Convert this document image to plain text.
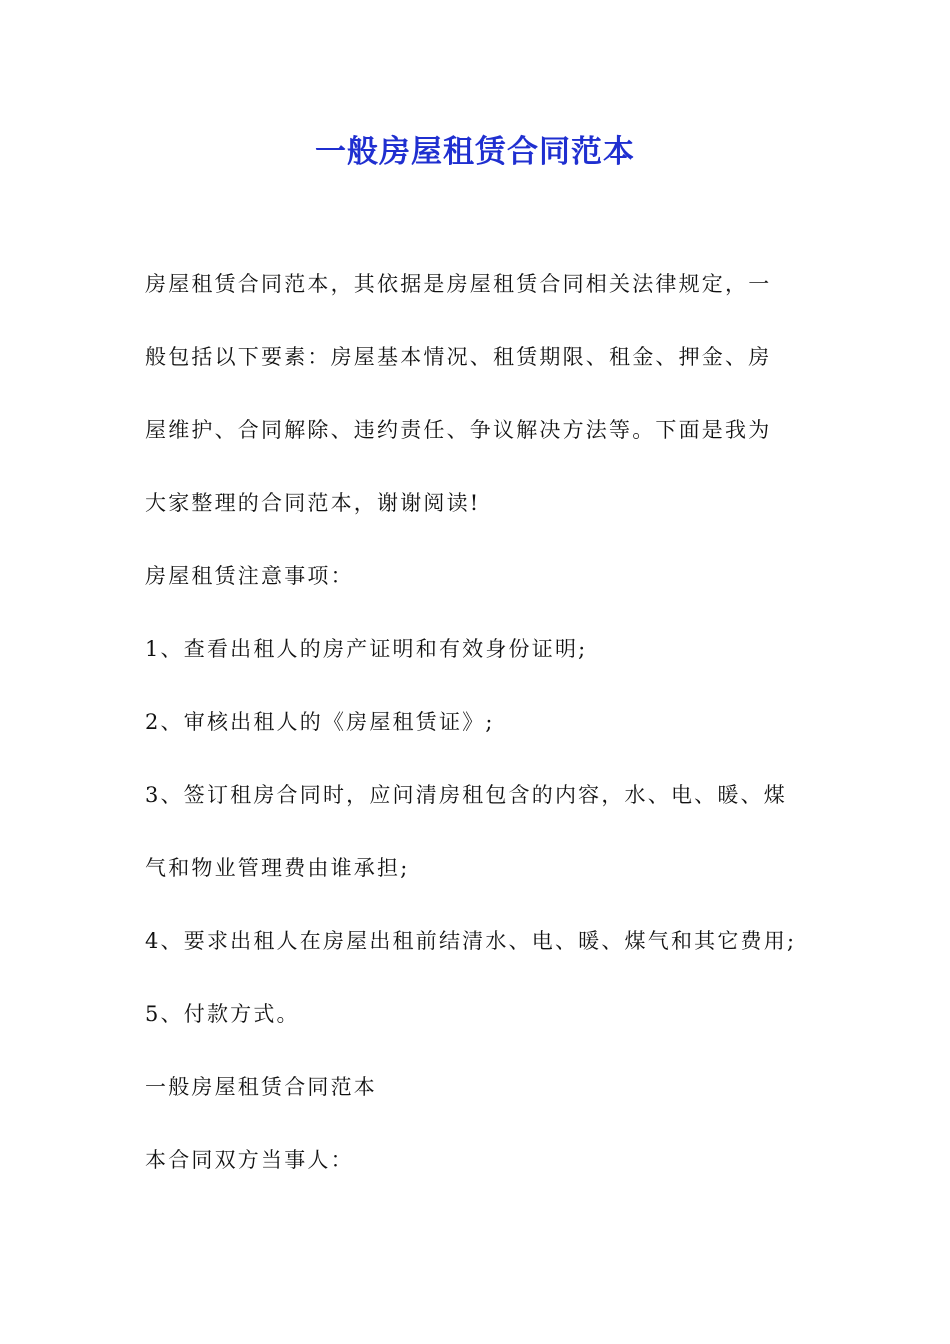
一般房屋租赁合同范本
房屋租赁合同范本，其依据是房屋租赁合同相关法律规定，一
般包括以下要素：房屋基本情况、租赁期限、租金、押金、房
屋维护、合同解除、违约责任、争议解决方法等。下面是我为
大家整理的合同范本，谢谢阅读!
房屋租赁注意事项：
1、查看出租人的房产证明和有效身份证明;
2、审核出租人的《房屋租赁证》;
3、签订租房合同时，应问清房租包含的内容，水、电、暖、煤
气和物业管理费由谁承担;
4、要求出租人在房屋出租前结清水、电、暖、煤气和其它费用;
5、付款方式。
一般房屋租赁合同范本
本合同双方当事人：
